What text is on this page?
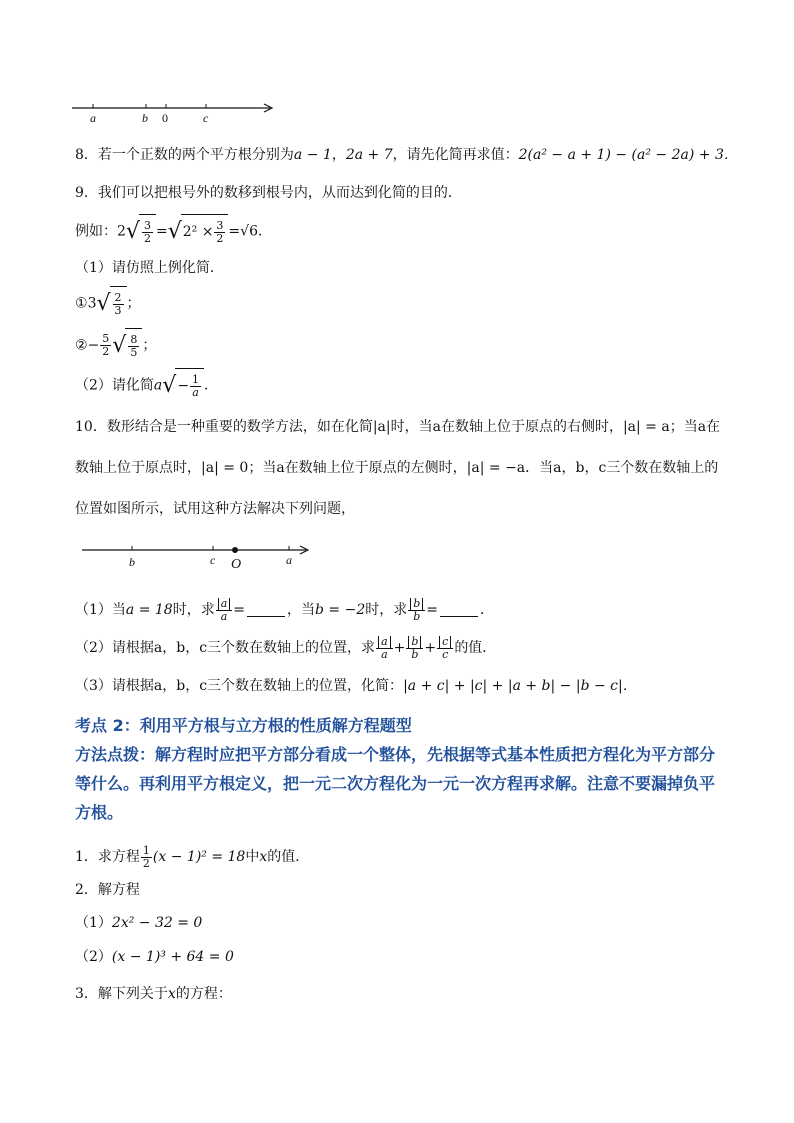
a	b 0	c
8．若一个正数的两个平方根分别为a − 1，2a + 7，请先化简再求值：2(a² − a + 1) − (a² − 2a) + 3．
9．我们可以把根号外的数移到根号内，从而达到化简的目的．
例如：$2√ \frac{3}{2} =√2^2 \times \frac{3}{2} =√6$．
（1）请仿照上例化简．
①3√ $\frac{2}{3}$ ；
②− $\frac{5}{2}$ √ $\frac{8}{5}$ ；
（2）请化简$a√- \frac{1}{a}$ ．
10．数形结合是一种重要的数学方法，如在化简|a|时，当a在数轴上位于原点的右侧时，|a| = a；当a在数轴上位于原点时，|a| = 0；当a在数轴上位于原点的左侧时，|a| = −a．当a，b，c三个数在数轴上的位置如图所示，试用这种方法解决下列问题，
b	c O	a
（1）当a = 18时，求 $\frac{a}{a}$ =	，当b = −2时，求 $\frac{b}{b}$ =	．
（2）请根据a，b，c三个数在数轴上的位置，求 $\frac{a}{a} + \frac{b}{b} + \frac{c}{c}$ 的值．
（3）请根据a，b，c三个数在数轴上的位置，化简：|a + c| + |c| + |a + b| − |b − c|．
考点 2：利用平方根与立方根的性质解方程题型
方法点拨：解方程时应把平方部分看成一个整体，先根据等式基本性质把方程化为平方部分等什么。再利用平方根定义，把一元二次方程化为一元一次方程再求解。注意不要漏掉负平方根。
1．求方程 $\frac{1}{2} (x - 1)^2 = 18$中x的值．
2．解方程
（1）2x² − 32 = 0
（2）(x − 1)³ + 64 = 0
3．解下列关于x的方程：
